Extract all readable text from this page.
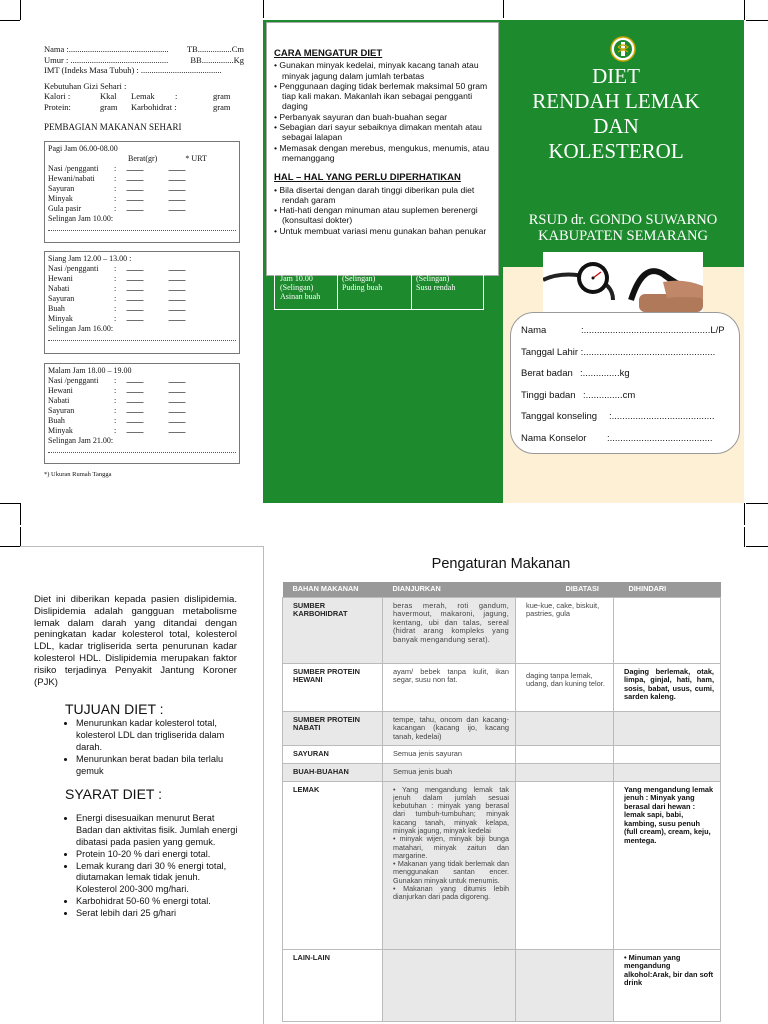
Nama :............................................... TB................Cm
Umur : ..............................................	BB...............Kg
IMT (Indeks Masa Tubuh) : ......................................
Kebutuhan Gizi Sehari :
Kalori :	Kkal	Lemak	:	gram
Protein:	gram	Karbohidrat :	gram
PEMBAGIAN MAKANAN SEHARI
Pagi Jam 06.00-08.00
Berat(gr)	* URT
Nasi /pengganti	:	.................	.................
Hewani/nabati	:	.................	.................
Sayuran	:	.................	.................
Minyak	:	.................	.................
Gula pasir	:	.................	.................
Selingan Jam 10.00:
Siang Jam 12.00 – 13.00 :
Nasi /pengganti	:	.................	.................
Hewani	:	.................	.................
Nabati	:	.................	.................
Sayuran	:	.................	.................
Buah	:	.................	.................
Minyak	:	.................	.................
Selingan Jam 16.00:
Malam Jam 18.00 – 19.00
Nasi /pengganti	:	.................	.................
Hewani	:	.................	.................
Nabati	:	.................	.................
Sayuran	:	.................	.................
Buah	:	.................	.................
Minyak	:	.................	.................
Selingan Jam 21.00:
*) Ukuran Rumah Tangga
CARA MENGATUR DIET
• Gunakan minyak kedelai, minyak kacang tanah atau minyak jagung dalam jumlah terbatas
• Penggunaan daging tidak berlemak maksimal 50 gram tiap kali makan. Makanlah ikan sebagai pengganti daging
• Perbanyak sayuran dan buah-buahan segar
• Sebagian dari sayur sebaiknya dimakan mentah atau sebagai lalapan
• Memasak dengan merebus, mengukus, menumis, atau memanggang
HAL – HAL YANG PERLU DIPERHATIKAN
• Bila disertai dengan darah tinggi diberikan pula diet rendah garam
• Hati-hati dengan minuman atau suplemen berenergi (konsultasi dokter)
• Untuk membuat variasi menu gunakan bahan penukar
Jam 10.00
(Selingan)
Asinan buah
(Selingan)
Puding buah
(Selingan)
Susu rendah
DIET
RENDAH LEMAK
DAN
KOLESTEROL
RSUD dr. GONDO SUWARNO
KABUPATEN SEMARANG
Nama	:................................................L/P
Tanggal Lahir :..................................................
Berat badan :..............kg
Tinggi badan :..............cm
Tanggal konseling :.......................................
Nama Konselor :.......................................
Diet ini diberikan kepada pasien dislipidemia. Dislipidemia adalah gangguan metabolisme lemak dalam darah yang ditandai dengan peningkatan kadar kolesterol total, kolesterol LDL, kadar trigliserida serta penurunan kadar kolesterol HDL. Dislipidemia merupakan faktor risiko terjadinya Penyakit Jantung Koroner (PJK)
TUJUAN DIET :
• Menurunkan kadar kolesterol total, kolesterol LDL dan trigliserida dalam darah.
• Menurunkan berat badan bila terlalu gemuk
SYARAT DIET :
• Energi disesuaikan menurut Berat Badan dan aktivitas fisik. Jumlah energi dibatasi pada pasien yang gemuk.
• Protein 10-20 % dari energi total.
• Lemak kurang dari 30 % energi total, diutamakan lemak tidak jenuh. Kolesterol 200-300 mg/hari.
• Karbohidrat 50-60 % energi total.
• Serat lebih dari 25 g/hari
Pengaturan Makanan
BAHAN MAKANAN	DIANJURKAN	DIBATASI	DIHINDARI
SUMBER KARBOHIDRAT	beras merah, roti gandum, havermout, makaroni, jagung, kentang, ubi dan talas, sereal (hidrat arang kompleks yang banyak mengandung serat).	kue-kue, cake, biskuit, pastries, gula	
SUMBER PROTEIN HEWANI	ayam/ bebek tanpa kulit, ikan segar, susu non fat.	daging tanpa lemak, udang, dan kuning telor.	Daging berlemak, otak, limpa, ginjal, hati, ham, sosis, babat, usus, cumi, sarden kaleng.
SUMBER PROTEIN NABATI	tempe, tahu, oncom dan kacang- kacangan (kacang ijo, kacang tanah, kedelai)		
SAYURAN	Semua jenis sayuran		
BUAH-BUAHAN	Semua jenis buah		
LEMAK	• Yang mengandung lemak tak jenuh dalam jumlah sesuai kebutuhan : minyak yang berasal dari tumbuh-tumbuhan; minyak kacang tanah, minyak kelapa, minyak jagung, minyak kedelai

• minyak wijen, minyak biji bunga matahari, minyak zaitun dan margarine.

• Makanan yang tidak berlemak dan menggunakan santan encer. Gunakan minyak untuk menumis.

• Makanan yang ditumis lebih dianjurkan dari pada digoreng.		Yang mengandung lemak jenuh : Minyak yang berasal dari hewan : lemak sapi, babi, kambing, susu penuh (full cream), cream, keju, mentega.
LAIN-LAIN			• Minuman yang mengandung alkohol:Arak, bir dan soft drink
